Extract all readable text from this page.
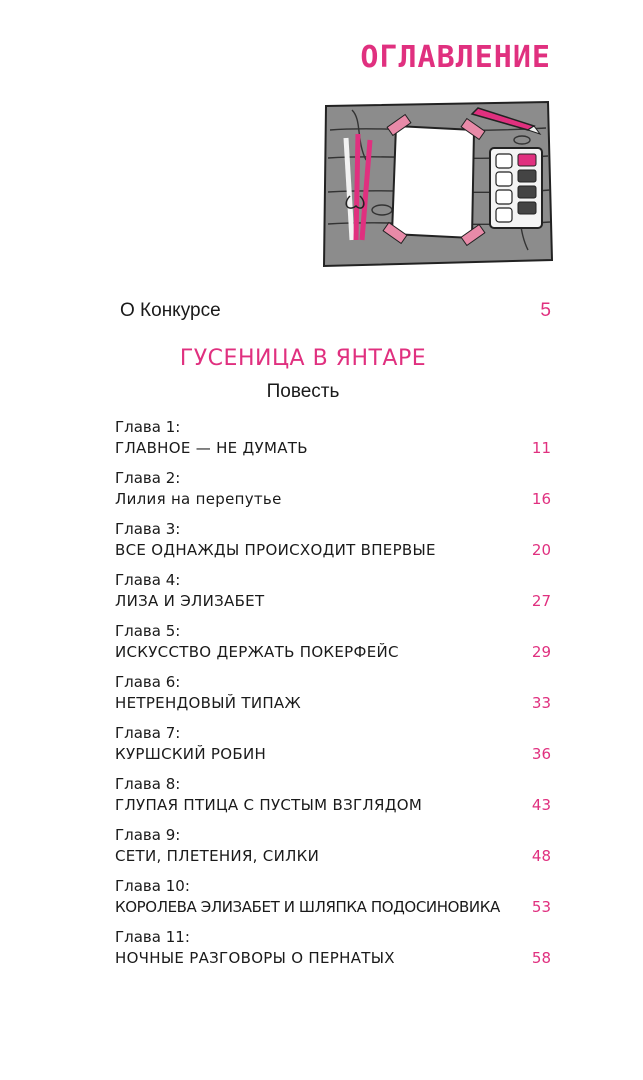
ОГЛАВЛЕНИЕ
О Конкурсе	5
ГУСЕНИЦА В ЯНТАРЕ
Повесть
Глава 1:
ГЛАВНОЕ — НЕ ДУМАТЬ	11
Глава 2:
Лилия на перепутье	16
Глава 3:
ВСЕ ОДНАЖДЫ ПРОИСХОДИТ ВПЕРВЫЕ	20
Глава 4:
ЛИЗА И ЭЛИЗАБЕТ	27
Глава 5:
ИСКУССТВО ДЕРЖАТЬ ПОКЕРФЕЙС	29
Глава 6:
НЕТРЕНДОВЫЙ ТИПАЖ	33
Глава 7:
КУРШСКИЙ РОБИН	36
Глава 8:
ГЛУПАЯ ПТИЦА С ПУСТЫМ ВЗГЛЯДОМ	43
Глава 9:
СЕТИ, ПЛЕТЕНИЯ, СИЛКИ	48
Глава 10:
КОРОЛЕВА ЭЛИЗАБЕТ И ШЛЯПКА ПОДОСИНОВИКА 53
Глава 11:
НОЧНЫЕ РАЗГОВОРЫ О ПЕРНАТЫХ	58
